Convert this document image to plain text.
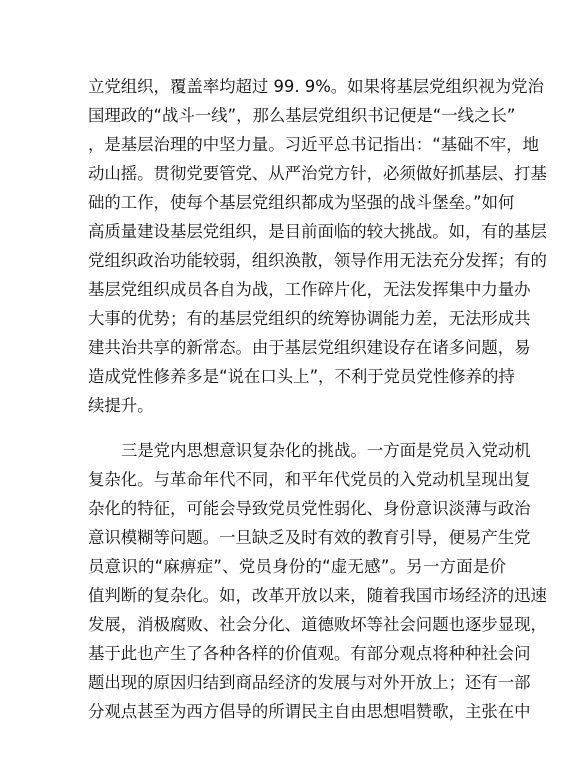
立党组织，覆盖率均超过 99. 9%。如果将基层党组织视为党治
国理政的“战斗一线”，那么基层党组织书记便是“一线之长”
，是基层治理的中坚力量。习近平总书记指出：“基础不牢，地
动山摇。贯彻党要管党、从严治党方针，必须做好抓基层、打基
础的工作，使每个基层党组织都成为坚强的战斗堡垒。”如何
高质量建设基层党组织，是目前面临的较大挑战。如，有的基层
党组织政治功能较弱，组织涣散，领导作用无法充分发挥；有的
基层党组织成员各自为战，工作碎片化，无法发挥集中力量办
大事的优势；有的基层党组织的统筹协调能力差，无法形成共
建共治共享的新常态。由于基层党组织建设存在诸多问题，易
造成党性修养多是“说在口头上”，不利于党员党性修养的持
续提升。
三是党内思想意识复杂化的挑战。一方面是党员入党动机
复杂化。与革命年代不同，和平年代党员的入党动机呈现出复
杂化的特征，可能会导致党员党性弱化、身份意识淡薄与政治
意识模糊等问题。一旦缺乏及时有效的教育引导，便易产生党
员意识的“麻痹症”、党员身份的“虚无感”。另一方面是价
值判断的复杂化。如，改革开放以来，随着我国市场经济的迅速
发展，消极腐败、社会分化、道德败坏等社会问题也逐步显现，
基于此也产生了各种各样的价值观。有部分观点将种种社会问
题出现的原因归结到商品经济的发展与对外开放上；还有一部
分观点甚至为西方倡导的所谓民主自由思想唱赞歌，主张在中
